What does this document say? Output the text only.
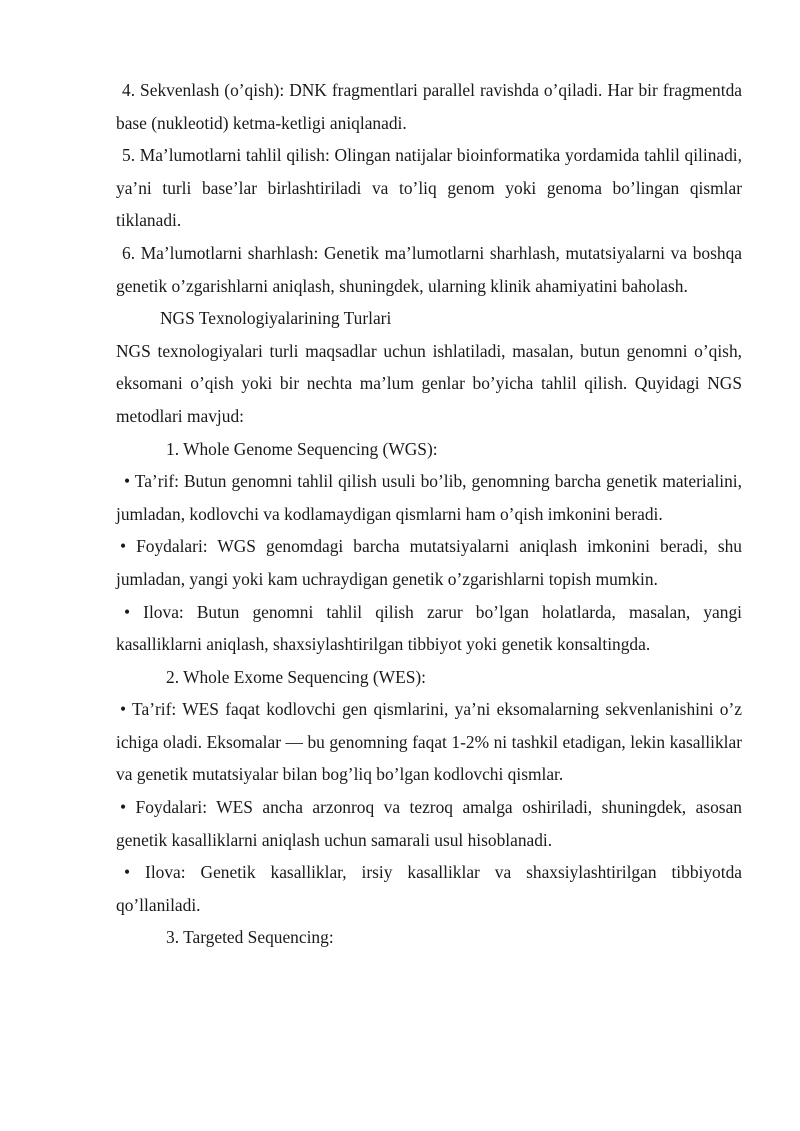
4. Sekvenlash (o’qish): DNK fragmentlari parallel ravishda o’qiladi. Har bir fragmentda base (nukleotid) ketma-ketligi aniqlanadi.

5. Ma’lumotlarni tahlil qilish: Olingan natijalar bioinformatika yordamida tahlil qilinadi, ya’ni turli base’lar birlashtiriladi va to’liq genom yoki genoma bo’lingan qismlar tiklanadi.

6. Ma’lumotlarni sharhlash: Genetik ma’lumotlarni sharhlash, mutatsiyalarni va boshqa genetik o’zgarishlarni aniqlash, shuningdek, ularning klinik ahamiyatini baholash.

NGS Texnologiyalarining Turlari

NGS texnologiyalari turli maqsadlar uchun ishlatiladi, masalan, butun genomni o’qish, eksomani o’qish yoki bir nechta ma’lum genlar bo’yicha tahlil qilish. Quyidagi NGS metodlari mavjud:

1. Whole Genome Sequencing (WGS):

• Ta’rif: Butun genomni tahlil qilish usuli bo’lib, genomning barcha genetik materialini, jumladan, kodlovchi va kodlamaydigan qismlarni ham o’qish imkonini beradi.

• Foydalari: WGS genomdagi barcha mutatsiyalarni aniqlash imkonini beradi, shu jumladan, yangi yoki kam uchraydigan genetik o’zgarishlarni topish mumkin.

• Ilova: Butun genomni tahlil qilish zarur bo’lgan holatlarda, masalan, yangi kasalliklarni aniqlash, shaxsiylashtirilgan tibbiyot yoki genetik konsaltingda.

2. Whole Exome Sequencing (WES):

• Ta’rif: WES faqat kodlovchi gen qismlarini, ya’ni eksomalarning sekvenlanishini o’z ichiga oladi. Eksomalar — bu genomning faqat 1-2% ni tashkil etadigan, lekin kasalliklar va genetik mutatsiyalar bilan bog’liq bo’lgan kodlovchi qismlar.

• Foydalari: WES ancha arzonroq va tezroq amalga oshiriladi, shuningdek, asosan genetik kasalliklarni aniqlash uchun samarali usul hisoblanadi.

• Ilova: Genetik kasalliklar, irsiy kasalliklar va shaxsiylashtirilgan tibbiyotda qo’llaniladi.

3. Targeted Sequencing:
